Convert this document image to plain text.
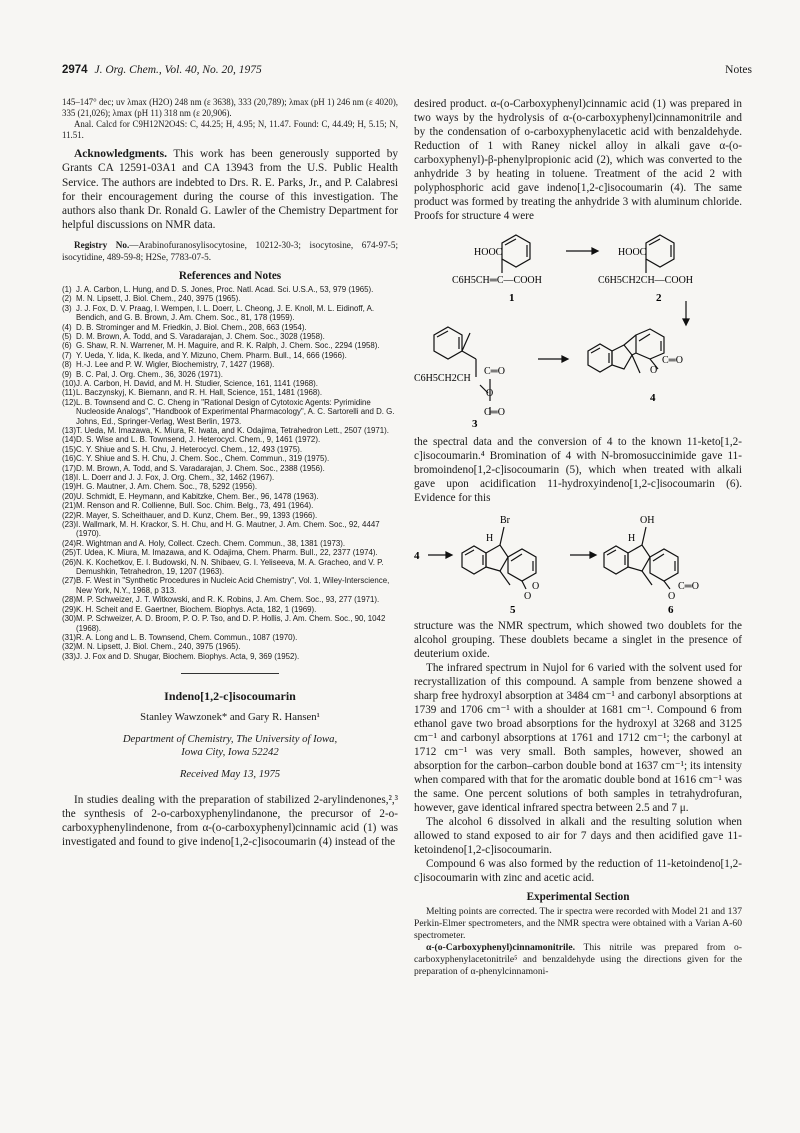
2974 J. Org. Chem., Vol. 40, No. 20, 1975	Notes

145–147° dec; uv λmax (H2O) 248 nm (ε 3638), 333 (20,789); λmax (pH 1) 246 nm (ε 4020), 335 (21,026); λmax (pH 11) 318 nm (ε 20,906).

Anal. Calcd for C9H12N2O4S: C, 44.25; H, 4.95; N, 11.47. Found: C, 44.49; H, 5.15; N, 11.51.

Acknowledgments. This work has been generously supported by Grants CA 12591-03A1 and CA 13943 from the U.S. Public Health Service. The authors are indebted to Drs. R. E. Parks, Jr., and P. Calabresi for their encouragement during the course of this investigation. The authors also thank Dr. Ronald G. Lawler of the Chemistry Department for helpful discussions on NMR data.

Registry No.—Arabinofuranosylisocytosine, 10212-30-3; isocytosine, 674-97-5; isocytidine, 489-59-8; H2Se, 7783-07-5.

References and Notes
(1) J. A. Carbon, L. Hung, and D. S. Jones, Proc. Natl. Acad. Sci. U.S.A., 53, 979 (1965).
(2) M. N. Lipsett, J. Biol. Chem., 240, 3975 (1965).
(3) J. J. Fox, D. V. Praag, I. Wempen, I. L. Doerr, L. Cheong, J. E. Knoll, M. L. Eidinoff, A. Bendich, and G. B. Brown, J. Am. Chem. Soc., 81, 178 (1959).
(4) D. B. Strominger and M. Friedkin, J. Biol. Chem., 208, 663 (1954).
(5) D. M. Brown, A. Todd, and S. Varadarajan, J. Chem. Soc., 3028 (1958).
(6) G. Shaw, R. N. Warrener, M. H. Maguire, and R. K. Ralph, J. Chem. Soc., 2294 (1958).
(7) Y. Ueda, Y. Iida, K. Ikeda, and Y. Mizuno, Chem. Pharm. Bull., 14, 666 (1966).
(8) H.-J. Lee and P. W. Wigler, Biochemistry, 7, 1427 (1968).
(9) B. C. Pal, J. Org. Chem., 36, 3026 (1971).
(10) J. A. Carbon, H. David, and M. H. Studier, Science, 161, 1141 (1968).
(11) L. Baczynskyj, K. Biemann, and R. H. Hall, Science, 151, 1481 (1968).
(12) L. B. Townsend and C. C. Cheng in "Rational Design of Cytotoxic Agents: Pyrimidine Nucleoside Analogs", "Handbook of Experimental Pharmacology", A. C. Sartorelli and D. G. Johns, Ed., Springer-Verlag, West Berlin, 1973.
(13) T. Ueda, M. Imazawa, K. Miura, R. Iwata, and K. Odajima, Tetrahedron Lett., 2507 (1971).
(14) D. S. Wise and L. B. Townsend, J. Heterocycl. Chem., 9, 1461 (1972).
(15) C. Y. Shiue and S. H. Chu, J. Heterocycl. Chem., 12, 493 (1975).
(16) C. Y. Shiue and S. H. Chu, J. Chem. Soc., Chem. Commun., 319 (1975).
(17) D. M. Brown, A. Todd, and S. Varadarajan, J. Chem. Soc., 2388 (1956).
(18) I. L. Doerr and J. J. Fox, J. Org. Chem., 32, 1462 (1967).
(19) H. G. Mautner, J. Am. Chem. Soc., 78, 5292 (1956).
(20) U. Schmidt, E. Heymann, and Kabitzke, Chem. Ber., 96, 1478 (1963).
(21) M. Renson and R. Collienne, Bull. Soc. Chim. Belg., 73, 491 (1964).
(22) R. Mayer, S. Scheithauer, and D. Kunz, Chem. Ber., 99, 1393 (1966).
(23) I. Wallmark, M. H. Krackor, S. H. Chu, and H. G. Mautner, J. Am. Chem. Soc., 92, 4447 (1970).
(24) R. Wightman and A. Holy, Collect. Czech. Chem. Commun., 38, 1381 (1973).
(25) T. Udea, K. Miura, M. Imazawa, and K. Odajima, Chem. Pharm. Bull., 22, 2377 (1974).
(26) N. K. Kochetkov, E. I. Budowski, N. N. Shibaev, G. I. Yeliseeva, M. A. Gracheo, and V. P. Demushkin, Tetrahedron, 19, 1207 (1963).
(27) B. F. West in "Synthetic Procedures in Nucleic Acid Chemistry", Vol. 1, Wiley-Interscience, New York, N.Y., 1968, p 313.
(28) M. P. Schweizer, J. T. Witkowski, and R. K. Robins, J. Am. Chem. Soc., 93, 277 (1971).
(29) K. H. Scheit and E. Gaertner, Biochem. Biophys. Acta, 182, 1 (1969).
(30) M. P. Schweizer, A. D. Broom, P. O. P. Tso, and D. P. Hollis, J. Am. Chem. Soc., 90, 1042 (1968).
(31) R. A. Long and L. B. Townsend, Chem. Commun., 1087 (1970).
(32) M. N. Lipsett, J. Biol. Chem., 240, 3975 (1965).
(33) J. J. Fox and D. Shugar, Biochem. Biophys. Acta, 9, 369 (1952).
Indeno[1,2-c]isocoumarin
Stanley Wawzonek* and Gary R. Hansen¹
Department of Chemistry, The University of Iowa,
Iowa City, Iowa 52242
Received May 13, 1975

In studies dealing with the preparation of stabilized 2-arylindenones,²,³ the synthesis of 2-o-carboxyphenylindanone, the precursor of 2-o-carboxyphenylindenone, from α-(o-carboxyphenyl)cinnamic acid (1) was investigated and found to give indeno[1,2-c]isocoumarin (4) instead of the

desired product. α-(o-Carboxyphenyl)cinnamic acid (1) was prepared in two ways by the hydrolysis of α-(o-carboxyphenyl)cinnamonitrile and by the condensation of o-carboxyphenylacetic acid with benzaldehyde. Reduction of 1 with Raney nickel alloy in alkali gave α-(o-carboxyphenyl)-β-phenylpropionic acid (2), which was converted to the anhydride 3 by heating in toluene. Treatment of the acid 2 with polyphosphoric acid gave indeno[1,2-c]isocoumarin (4). The same product was formed by treating the anhydride 3 with aluminum chloride. Proofs for structure 4 were

HOOC	HOOC
C6H5CH═C—COOH	C6H5CH2CH—COOH
1	2
C6H5CH2CH
C═O
O
C═O
3
O
C═O
4

the spectral data and the conversion of 4 to the known 11-keto[1,2-c]isocoumarin.⁴ Bromination of 4 with N-bromosuccinimide gave 11-bromoindeno[1,2-c]isocoumarin (5), which when treated with alkali gave upon acidification 11-hydroxyindeno[1,2-c]isocoumarin (6). Evidence for this

4
Br
H
O
O
5
OH
H
O
C═O
6

structure was the NMR spectrum, which showed two doublets for the alcohol grouping. These doublets became a singlet in the presence of deuterium oxide.

The infrared spectrum in Nujol for 6 varied with the solvent used for recrystallization of this compound. A sample from benzene showed a sharp free hydroxyl absorption at 3484 cm⁻¹ and carbonyl absorptions at 1739 and 1706 cm⁻¹ with a shoulder at 1681 cm⁻¹. Compound 6 from ethanol gave two broad absorptions for the hydroxyl at 3268 and 3125 cm⁻¹ and carbonyl absorptions at 1761 and 1712 cm⁻¹; the carbonyl at 1712 cm⁻¹ was very small. Both samples, however, showed an absorption for the carbon–carbon double bond at 1637 cm⁻¹; its intensity when compared with that for the aromatic double bond at 1616 cm⁻¹ was the same. One percent solutions of both samples in tetrahydrofuran, however, gave identical infrared spectra between 2.5 and 7 μ.

The alcohol 6 dissolved in alkali and the resulting solution when allowed to stand exposed to air for 7 days and then acidified gave 11-ketoindeno[1,2-c]isocoumarin.

Compound 6 was also formed by the reduction of 11-ketoindeno[1,2-c]isocoumarin with zinc and acetic acid.

Experimental Section

Melting points are corrected. The ir spectra were recorded with Model 21 and 137 Perkin-Elmer spectrometers, and the NMR spectra were obtained with a Varian A-60 spectrometer.

α-(o-Carboxyphenyl)cinnamonitrile. This nitrile was prepared from o-carboxyphenylacetonitrile⁵ and benzaldehyde using the directions given for the preparation of α-phenylcinnamoni-
